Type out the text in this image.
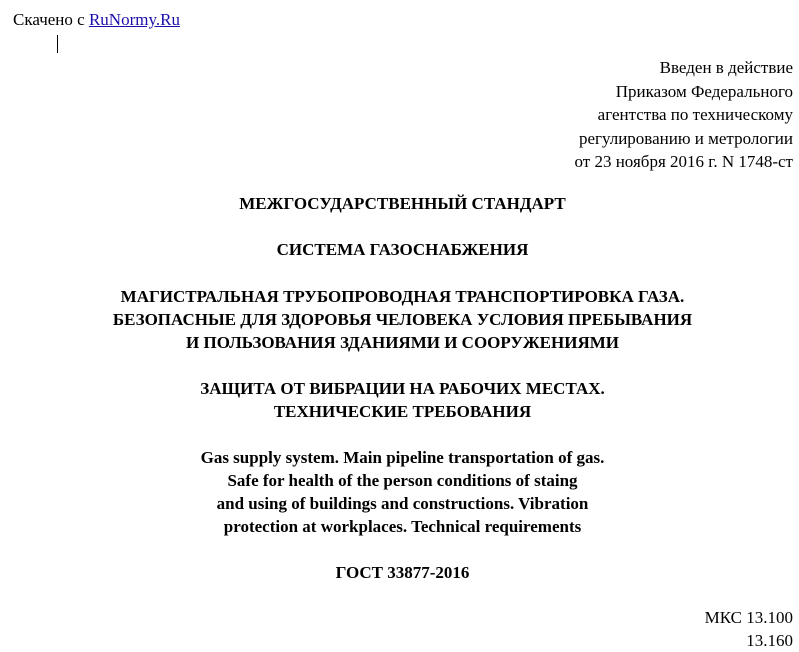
Скачено с RuNormy.Ru
Введен в действие
Приказом Федерального
агентства по техническому
регулированию и метрологии
от 23 ноября 2016 г. N 1748-ст
МЕЖГОСУДАРСТВЕННЫЙ СТАНДАРТ
СИСТЕМА ГАЗОСНАБЖЕНИЯ
МАГИСТРАЛЬНАЯ ТРУБОПРОВОДНАЯ ТРАНСПОРТИРОВКА ГАЗА.
БЕЗОПАСНЫЕ ДЛЯ ЗДОРОВЬЯ ЧЕЛОВЕКА УСЛОВИЯ ПРЕБЫВАНИЯ
И ПОЛЬЗОВАНИЯ ЗДАНИЯМИ И СООРУЖЕНИЯМИ
ЗАЩИТА ОТ ВИБРАЦИИ НА РАБОЧИХ МЕСТАХ.
ТЕХНИЧЕСКИЕ ТРЕБОВАНИЯ
Gas supply system. Main pipeline transportation of gas.
Safe for health of the person conditions of staing
and using of buildings and constructions. Vibration
protection at workplaces. Technical requirements
ГОСТ 33877-2016
МКС 13.100
13.160
